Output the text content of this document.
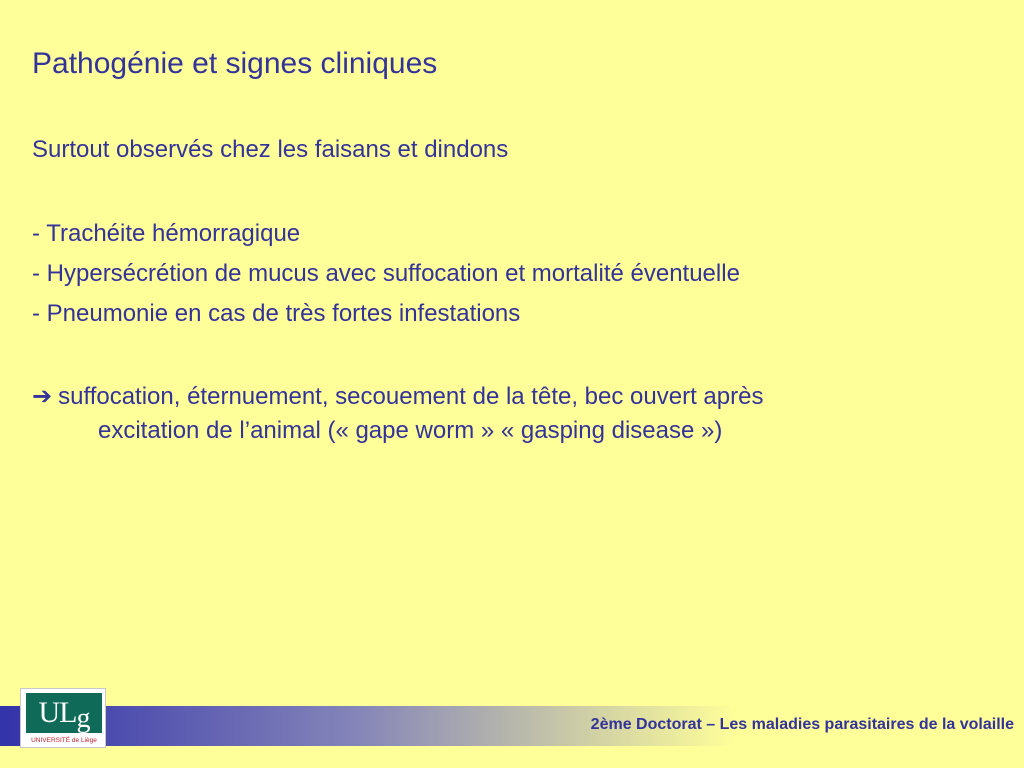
Pathogénie et signes cliniques
Surtout observés chez les faisans et dindons
- Trachéite hémorragique
- Hypersécrétion de mucus avec suffocation et mortalité éventuelle
- Pneumonie en cas de très fortes infestations
➔ suffocation, éternuement, secouement de la tête, bec ouvert après
excitation de l’animal (« gape worm » « gasping disease »)
2ème Doctorat – Les maladies parasitaires de la volaille
ULg
UNIVERSITÉ de Liège
